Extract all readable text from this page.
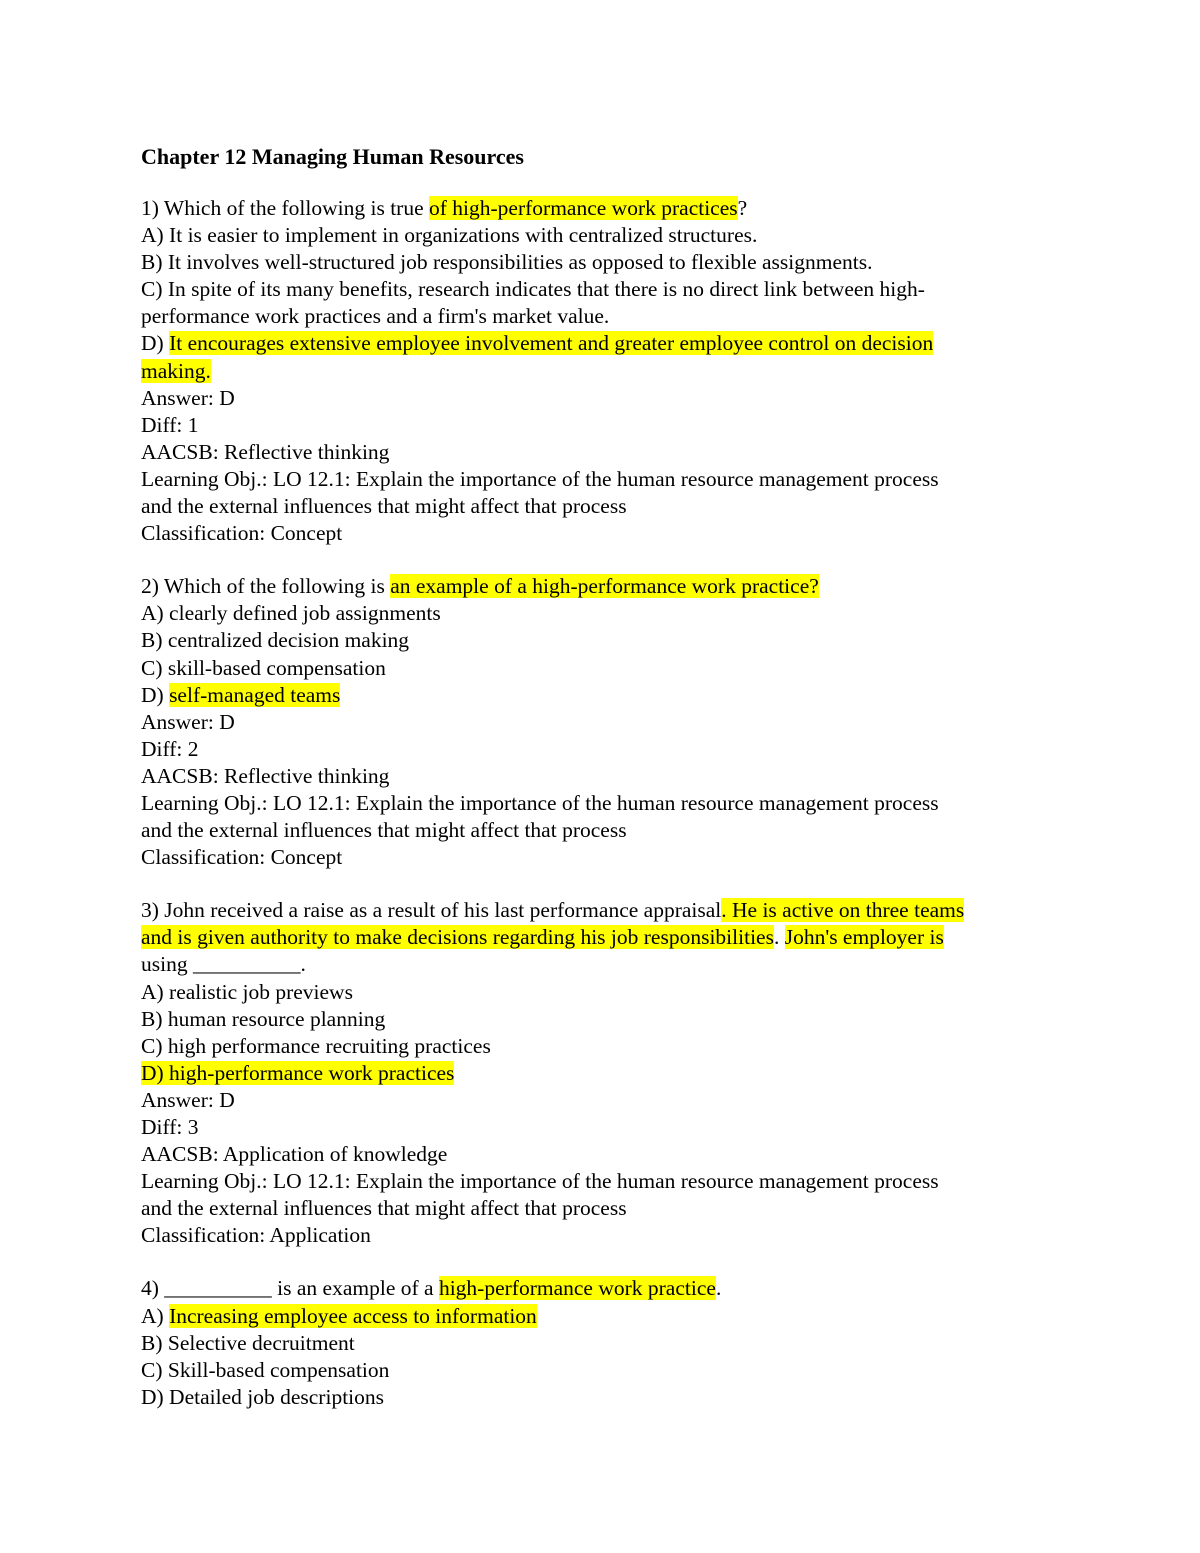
Chapter 12 Managing Human Resources
1) Which of the following is true of high-performance work practices?
A) It is easier to implement in organizations with centralized structures.
B) It involves well-structured job responsibilities as opposed to flexible assignments.
C) In spite of its many benefits, research indicates that there is no direct link between high-
performance work practices and a firm's market value.
D) It encourages extensive employee involvement and greater employee control on decision
making.
Answer: D
Diff: 1
AACSB: Reflective thinking
Learning Obj.: LO 12.1: Explain the importance of the human resource management process
and the external influences that might affect that process
Classification: Concept
2) Which of the following is an example of a high-performance work practice?
A) clearly defined job assignments
B) centralized decision making
C) skill-based compensation
D) self-managed teams
Answer: D
Diff: 2
AACSB: Reflective thinking
Learning Obj.: LO 12.1: Explain the importance of the human resource management process
and the external influences that might affect that process
Classification: Concept
3) John received a raise as a result of his last performance appraisal. He is active on three teams
and is given authority to make decisions regarding his job responsibilities. John's employer is
using __________.
A) realistic job previews
B) human resource planning
C) high performance recruiting practices
D) high-performance work practices
Answer: D
Diff: 3
AACSB: Application of knowledge
Learning Obj.: LO 12.1: Explain the importance of the human resource management process
and the external influences that might affect that process
Classification: Application
4) __________ is an example of a high-performance work practice.
A) Increasing employee access to information
B) Selective decruitment
C) Skill-based compensation
D) Detailed job descriptions
